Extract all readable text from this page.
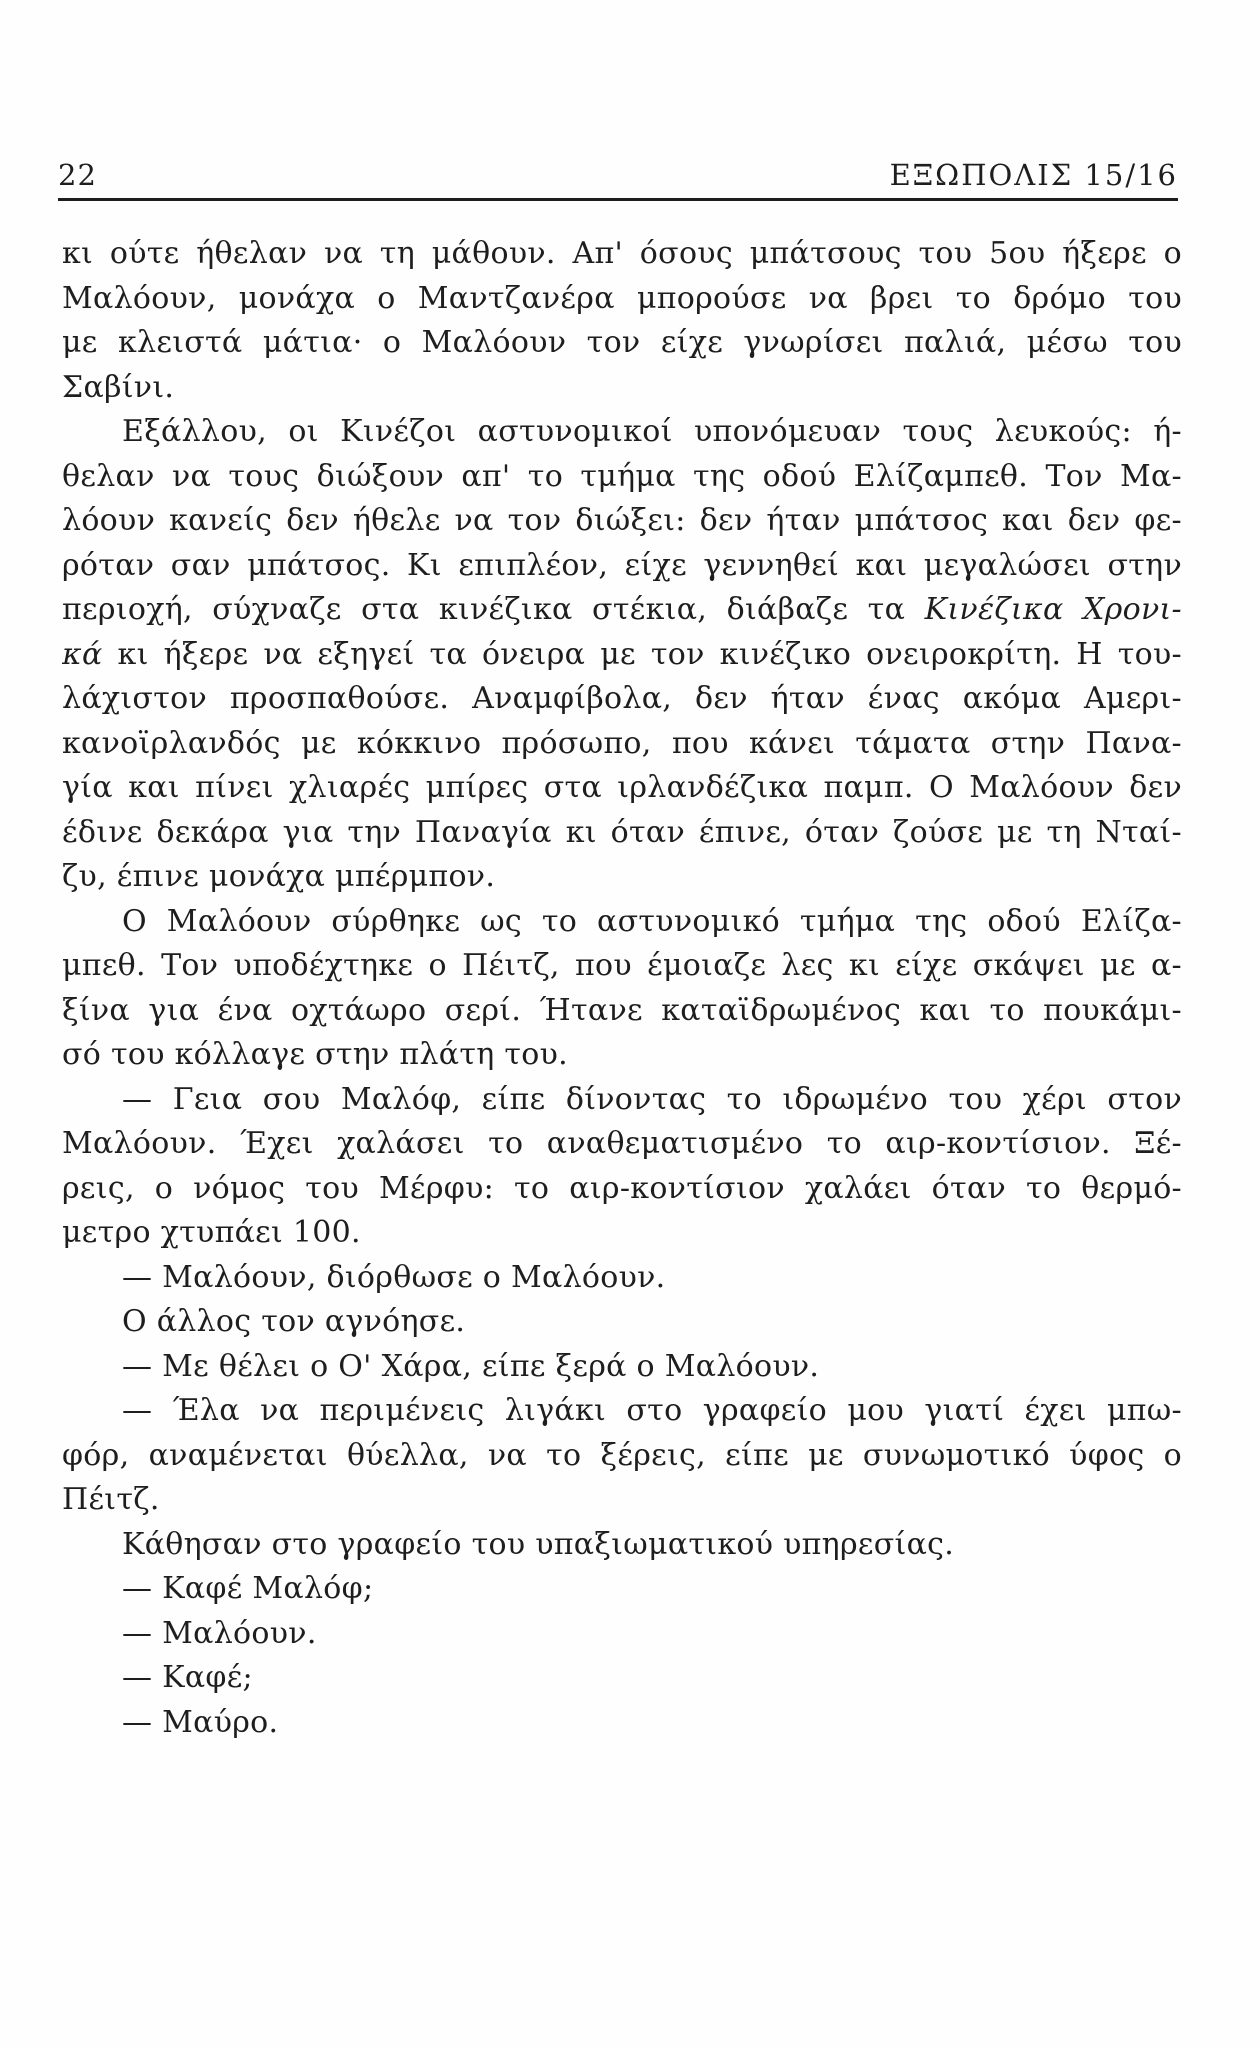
22	ΕΞΩΠΟΛΙΣ 15/16
κι ούτε ήθελαν να τη μάθουν. Απ' όσους μπάτσους του 5ου ήξερε ο
Μαλόουν, μονάχα ο Μαντζανέρα μπορούσε να βρει το δρόμο του
με κλειστά μάτια· ο Μαλόουν τον είχε γνωρίσει παλιά, μέσω του
Σαβίνι.
Εξάλλου, οι Κινέζοι αστυνομικοί υπονόμευαν τους λευκούς: ή-
θελαν να τους διώξουν απ' το τμήμα της οδού Ελίζαμπεθ. Τον Μα-
λόουν κανείς δεν ήθελε να τον διώξει: δεν ήταν μπάτσος και δεν φε-
ρόταν σαν μπάτσος. Κι επιπλέον, είχε γεννηθεί και μεγαλώσει στην
περιοχή, σύχναζε στα κινέζικα στέκια, διάβαζε τα Κινέζικα Χρονι-
κά κι ήξερε να εξηγεί τα όνειρα με τον κινέζικο ονειροκρίτη. Η του-
λάχιστον προσπαθούσε. Αναμφίβολα, δεν ήταν ένας ακόμα Αμερι-
κανοϊρλανδός με κόκκινο πρόσωπο, που κάνει τάματα στην Πανα-
γία και πίνει χλιαρές μπίρες στα ιρλανδέζικα παμπ. Ο Μαλόουν δεν
έδινε δεκάρα για την Παναγία κι όταν έπινε, όταν ζούσε με τη Νταί-
ζυ, έπινε μονάχα μπέρμπον.
Ο Μαλόουν σύρθηκε ως το αστυνομικό τμήμα της οδού Ελίζα-
μπεθ. Τον υποδέχτηκε ο Πέιτζ, που έμοιαζε λες κι είχε σκάψει με α-
ξίνα για ένα οχτάωρο σερί. Ήτανε καταϊδρωμένος και το πουκάμι-
σό του κόλλαγε στην πλάτη του.
— Γεια σου Μαλόφ, είπε δίνοντας το ιδρωμένο του χέρι στον
Μαλόουν. Έχει χαλάσει το αναθεματισμένο το αιρ-κοντίσιον. Ξέ-
ρεις, ο νόμος του Μέρφυ: το αιρ-κοντίσιον χαλάει όταν το θερμό-
μετρο χτυπάει 100.
— Μαλόουν, διόρθωσε ο Μαλόουν.
Ο άλλος τον αγνόησε.
— Με θέλει ο Ο' Χάρα, είπε ξερά ο Μαλόουν.
— Έλα να περιμένεις λιγάκι στο γραφείο μου γιατί έχει μπω-
φόρ, αναμένεται θύελλα, να το ξέρεις, είπε με συνωμοτικό ύφος ο
Πέιτζ.
Κάθησαν στο γραφείο του υπαξιωματικού υπηρεσίας.
— Καφέ Μαλόφ;
— Μαλόουν.
— Καφέ;
— Μαύρο.
